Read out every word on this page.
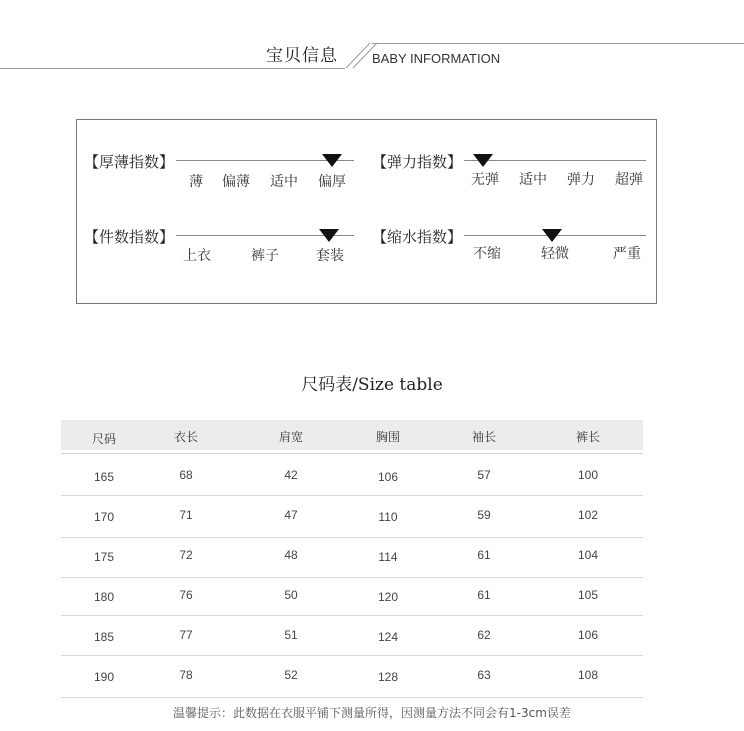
宝贝信息	BABY INFORMATION
【厚薄指数】
薄 偏薄 适中 偏厚
【弹力指数】
无弹 适中 弹力 超弹
【件数指数】
上衣	裤子	套装
【缩水指数】
不缩	轻微	严重
尺码表/Size table
尺码	衣长	肩宽	胸围	袖长	裤长
165	68	42	106	57	100
170	71	47	110	59	102
175	72	48	114	61	104
180	76	50	120	61	105
185	77	51	124	62	106
190	78	52	128	63	108
温馨提示：此数据在衣服平铺下测量所得，因测量方法不同会有1-3cm误差
